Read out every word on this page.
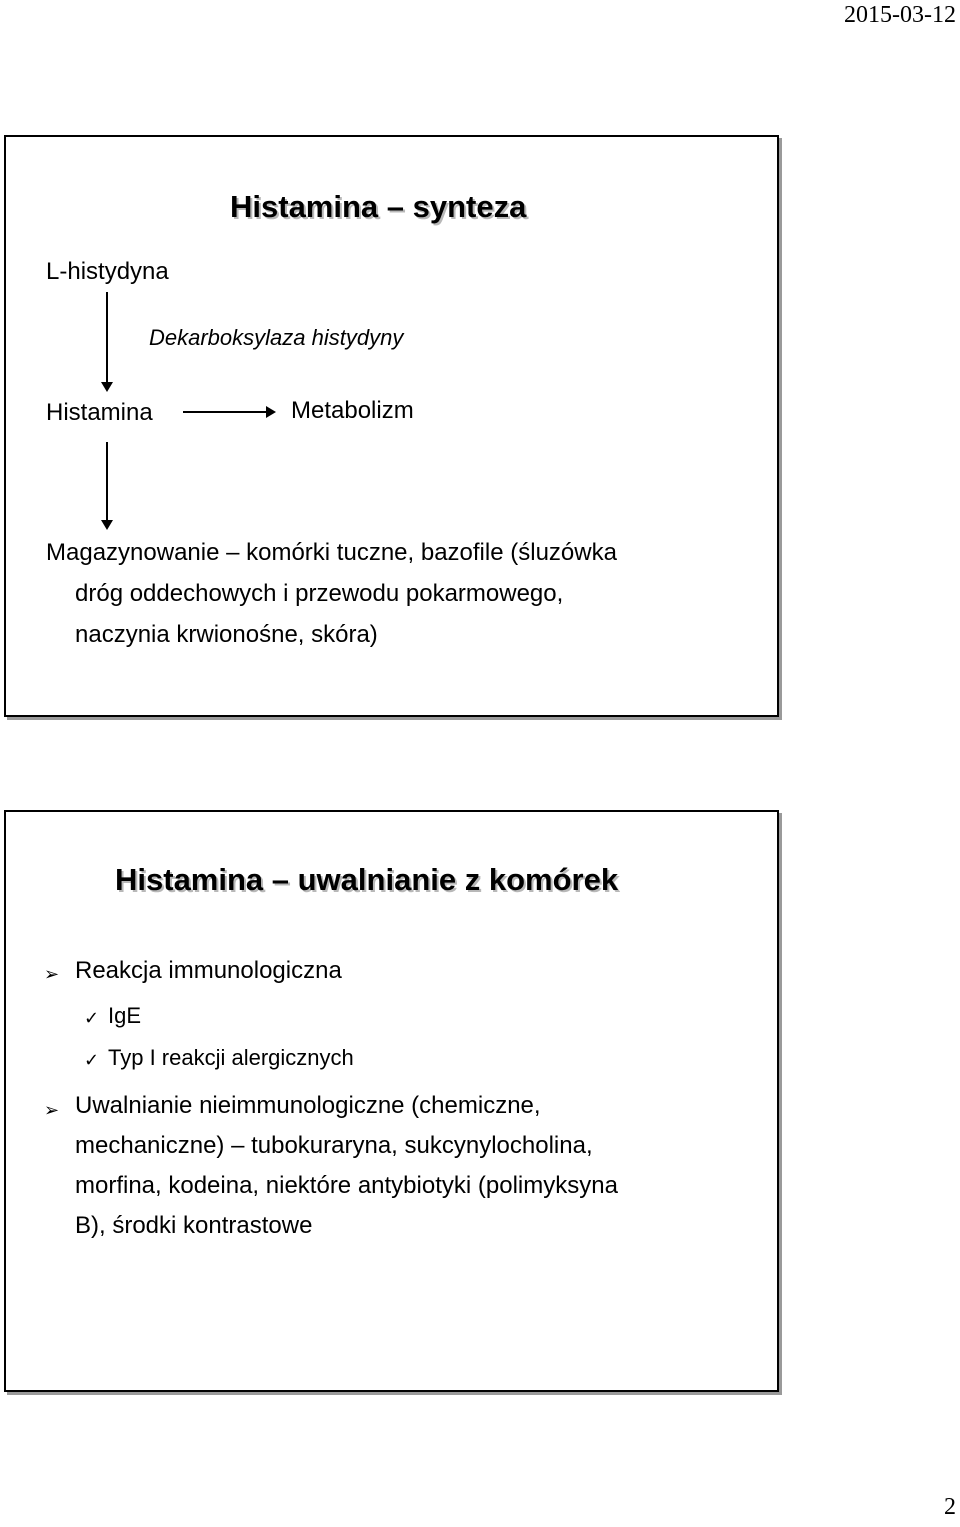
2015-03-12
Histamina – synteza
L-histydyna
Dekarboksylaza histydyny
Histamina	Metabolizm
Magazynowanie – komórki tuczne, bazofile (śluzówka
dróg oddechowych i przewodu pokarmowego,
naczynia krwionośne, skóra)
Histamina – uwalnianie z komórek
➢ Reakcja immunologiczna
✓ IgE
✓ Typ I reakcji alergicznych
➢ Uwalnianie nieimmunologiczne (chemiczne,
mechaniczne) – tubokuraryna, sukcynylocholina,
morfina, kodeina, niektóre antybiotyki (polimyksyna
B), środki kontrastowe
2
